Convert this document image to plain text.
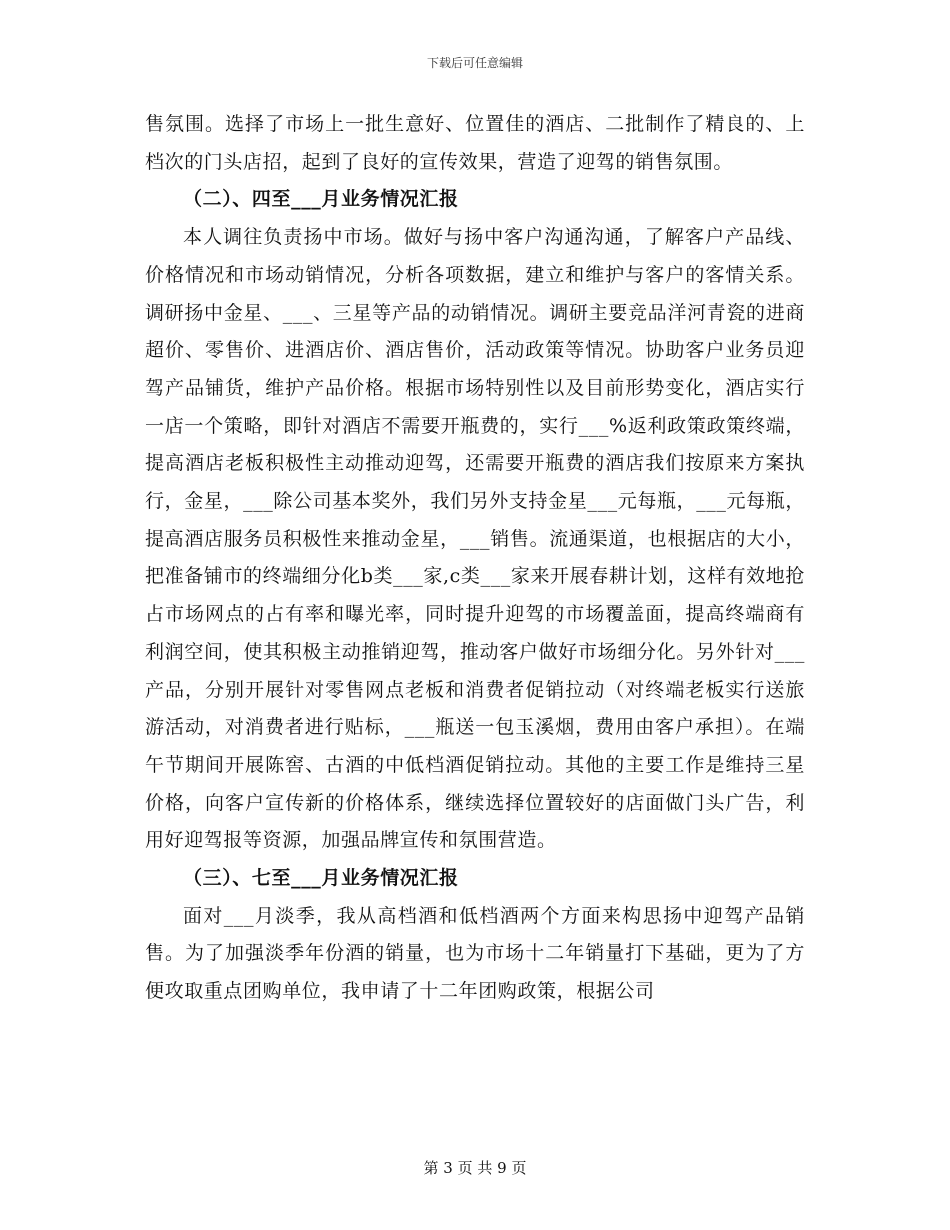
下载后可任意编辑

售氛围。选择了市场上一批生意好、位置佳的酒店、二批制作了精良的、上档次的门头店招，起到了良好的宣传效果，营造了迎驾的销售氛围。

（二）、四至___月业务情况汇报

本人调往负责扬中市场。做好与扬中客户沟通沟通，了解客户产品线、价格情况和市场动销情况，分析各项数据，建立和维护与客户的客情关系。调研扬中金星、___、三星等产品的动销情况。调研主要竞品洋河青瓷的进商超价、零售价、进酒店价、酒店售价，活动政策等情况。协助客户业务员迎驾产品铺货，维护产品价格。根据市场特别性以及目前形势变化，酒店实行一店一个策略，即针对酒店不需要开瓶费的，实行___%返利政策政策终端，提高酒店老板积极性主动推动迎驾，还需要开瓶费的酒店我们按原来方案执行，金星，___除公司基本奖外，我们另外支持金星___元每瓶，___元每瓶，提高酒店服务员积极性来推动金星，___销售。流通渠道，也根据店的大小，把准备铺市的终端细分化b类___家,c类___家来开展春耕计划，这样有效地抢占市场网点的占有率和曝光率，同时提升迎驾的市场覆盖面，提高终端商有利润空间，使其积极主动推销迎驾，推动客户做好市场细分化。另外针对___产品，分别开展针对零售网点老板和消费者促销拉动（对终端老板实行送旅游活动，对消费者进行贴标，___瓶送一包玉溪烟，费用由客户承担）。在端午节期间开展陈窖、古酒的中低档酒促销拉动。其他的主要工作是维持三星价格，向客户宣传新的价格体系，继续选择位置较好的店面做门头广告，利用好迎驾报等资源，加强品牌宣传和氛围营造。

（三）、七至___月业务情况汇报

面对___月淡季，我从高档酒和低档酒两个方面来构思扬中迎驾产品销售。为了加强淡季年份酒的销量，也为市场十二年销量打下基础，更为了方便攻取重点团购单位，我申请了十二年团购政策，根据公司

第 3 页 共 9 页
